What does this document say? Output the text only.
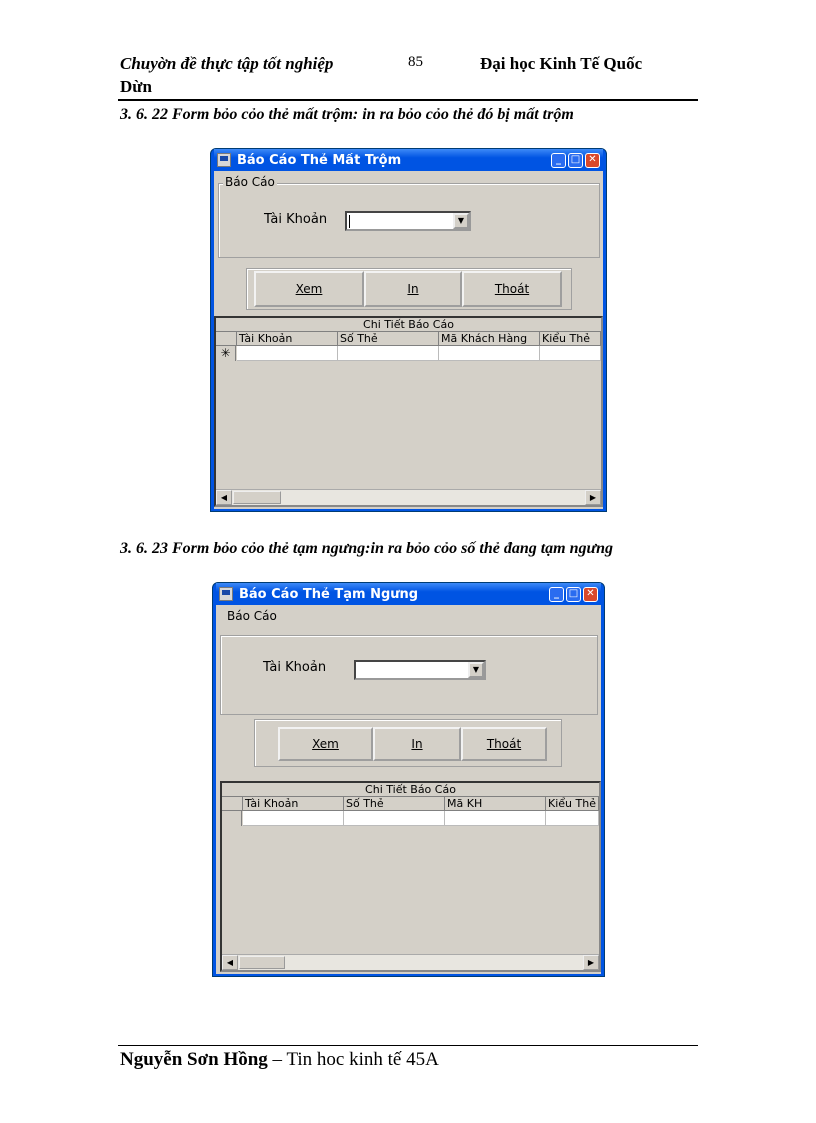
Chuyờn đề thực tập tốt nghiệp
Dừn
85	Đại học Kinh Tế Quốc
3. 6. 22 Form bỏo cỏo thẻ mất trộm: in ra bỏo cỏo thẻ đó bị mất trộm
Báo Cáo Thẻ Mất Trộm	_ □ ✕
Báo Cáo
Tài Khoản	▼
Xem	In	Thoát
Chi Tiết Báo Cáo
Tài Khoản	Số Thẻ	Mã Khách Hàng	Kiểu Thẻ
✳
◀	▶
3. 6. 23 Form bỏo cỏo thẻ tạm ngưng:in ra bỏo cỏo số thẻ đang tạm ngưng
Báo Cáo Thẻ Tạm Ngưng	_ □ ✕
Báo Cáo
Tài Khoản	▼
Xem	In	Thoát
Chi Tiết Báo Cáo
Tài Khoản	Số Thẻ	Mã KH	Kiểu Thẻ
◀	▶
Nguyễn Sơn Hồng – Tin hoc kinh tế 45A
